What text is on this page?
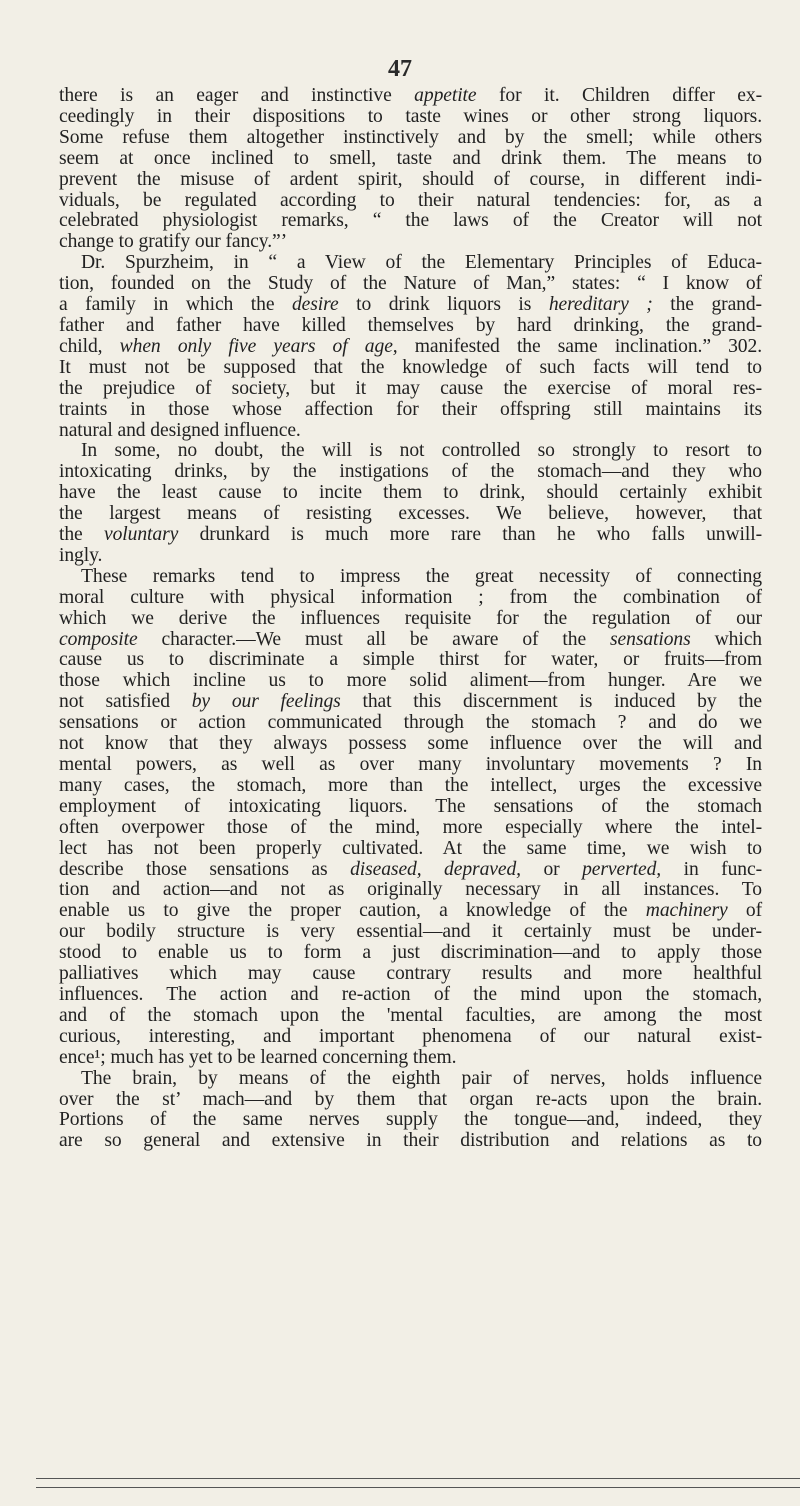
47
there is an eager and instinctive appetite for it. Children differ ex-
ceedingly in their dispositions to taste wines or other strong liquors.
Some refuse them altogether instinctively and by the smell; while others
seem at once inclined to smell, taste and drink them. The means to
prevent the misuse of ardent spirit, should of course, in different indi-
viduals, be regulated according to their natural tendencies: for, as a
celebrated physiologist remarks, “ the laws of the Creator will not
change to gratify our fancy.”’
Dr. Spurzheim, in “ a View of the Elementary Principles of Educa-
tion, founded on the Study of the Nature of Man,” states: “ I know of
a family in which the desire to drink liquors is hereditary ; the grand-
father and father have killed themselves by hard drinking, the grand-
child, when only five years of age, manifested the same inclination.” 302.
It must not be supposed that the knowledge of such facts will tend to
the prejudice of society, but it may cause the exercise of moral res-
traints in those whose affection for their offspring still maintains its
natural and designed influence.
In some, no doubt, the will is not controlled so strongly to resort to
intoxicating drinks, by the instigations of the stomach—and they who
have the least cause to incite them to drink, should certainly exhibit
the largest means of resisting excesses. We believe, however, that
the voluntary drunkard is much more rare than he who falls unwill-
ingly.
These remarks tend to impress the great necessity of connecting
moral culture with physical information ; from the combination of
which we derive the influences requisite for the regulation of our
composite character.—We must all be aware of the sensations which
cause us to discriminate a simple thirst for water, or fruits—from
those which incline us to more solid aliment—from hunger. Are we
not satisfied by our feelings that this discernment is induced by the
sensations or action communicated through the stomach ? and do we
not know that they always possess some influence over the will and
mental powers, as well as over many involuntary movements ? In
many cases, the stomach, more than the intellect, urges the excessive
employment of intoxicating liquors. The sensations of the stomach
often overpower those of the mind, more especially where the intel-
lect has not been properly cultivated. At the same time, we wish to
describe those sensations as diseased, depraved, or perverted, in func-
tion and action—and not as originally necessary in all instances. To
enable us to give the proper caution, a knowledge of the machinery of
our bodily structure is very essential—and it certainly must be under-
stood to enable us to form a just discrimination—and to apply those
palliatives which may cause contrary results and more healthful
influences. The action and re-action of the mind upon the stomach,
and of the stomach upon the 'mental faculties, are among the most
curious, interesting, and important phenomena of our natural exist-
ence¹; much has yet to be learned concerning them.
The brain, by means of the eighth pair of nerves, holds influence
over the st’ mach—and by them that organ re-acts upon the brain.
Portions of the same nerves supply the tongue—and, indeed, they
are so general and extensive in their distribution and relations as to
